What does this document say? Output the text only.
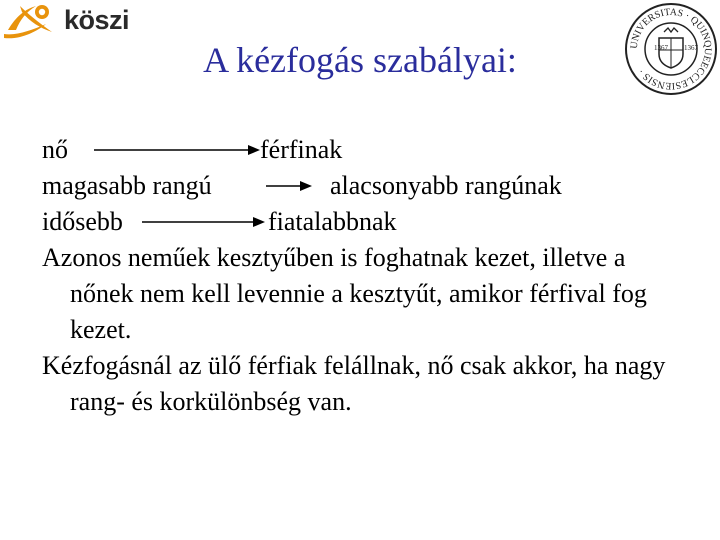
köszi
UNIVERSITAS · QUINQUEECCLESIENSIS ·
1367 1367
A kézfogás szabályai:
nő	férfinak
magasabb rangú	alacsonyabb rangúnak
idősebb	fiatalabbnak

Azonos neműek kesztyűben is foghatnak kezet, illetve a nőnek nem kell levennie a kesztyűt, amikor férfival fog kezet.

Kézfogásnál az ülő férfiak felállnak, nő csak akkor, ha nagy rang- és korkülönbség van.
